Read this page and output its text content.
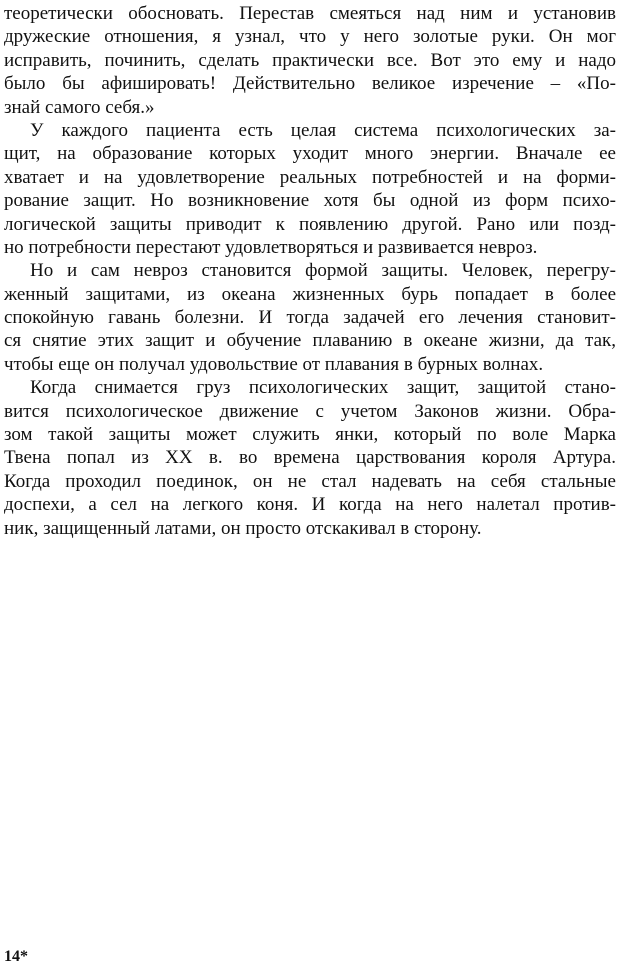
теоретически обосновать. Перестав смеяться над ним и установив
дружеские отношения, я узнал, что у него золотые руки. Он мог
исправить, починить, сделать практически все. Вот это ему и надо
было бы афишировать! Действительно великое изречение – «По-
знай самого себя.»
У каждого пациента есть целая система психологических за-
щит, на образование которых уходит много энергии. Вначале ее
хватает и на удовлетворение реальных потребностей и на форми-
рование защит. Но возникновение хотя бы одной из форм психо-
логической защиты приводит к появлению другой. Рано или позд-
но потребности перестают удовлетворяться и развивается невроз.
Но и сам невроз становится формой защиты. Человек, перегру-
женный защитами, из океана жизненных бурь попадает в более
спокойную гавань болезни. И тогда задачей его лечения становит-
ся снятие этих защит и обучение плаванию в океане жизни, да так,
чтобы еще он получал удовольствие от плавания в бурных волнах.
Когда снимается груз психологических защит, защитой стано-
вится психологическое движение с учетом Законов жизни. Обра-
зом такой защиты может служить янки, который по воле Марка
Твена попал из XX в. во времена царствования короля Артура.
Когда проходил поединок, он не стал надевать на себя стальные
доспехи, а сел на легкого коня. И когда на него налетал против-
ник, защищенный латами, он просто отскакивал в сторону.
14*
